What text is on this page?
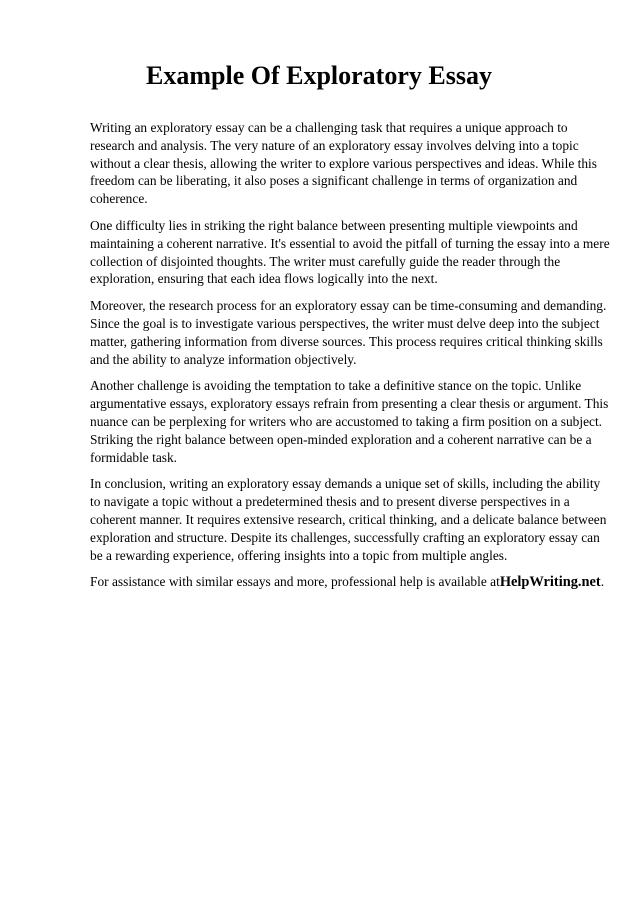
Example Of Exploratory Essay

Writing an exploratory essay can be a challenging task that requires a unique approach to
research and analysis. The very nature of an exploratory essay involves delving into a topic
without a clear thesis, allowing the writer to explore various perspectives and ideas. While this
freedom can be liberating, it also poses a significant challenge in terms of organization and
coherence.

One difficulty lies in striking the right balance between presenting multiple viewpoints and
maintaining a coherent narrative. It's essential to avoid the pitfall of turning the essay into a mere
collection of disjointed thoughts. The writer must carefully guide the reader through the
exploration, ensuring that each idea flows logically into the next.

Moreover, the research process for an exploratory essay can be time-consuming and demanding.
Since the goal is to investigate various perspectives, the writer must delve deep into the subject
matter, gathering information from diverse sources. This process requires critical thinking skills
and the ability to analyze information objectively.

Another challenge is avoiding the temptation to take a definitive stance on the topic. Unlike
argumentative essays, exploratory essays refrain from presenting a clear thesis or argument. This
nuance can be perplexing for writers who are accustomed to taking a firm position on a subject.
Striking the right balance between open-minded exploration and a coherent narrative can be a
formidable task.

In conclusion, writing an exploratory essay demands a unique set of skills, including the ability
to navigate a topic without a predetermined thesis and to present diverse perspectives in a
coherent manner. It requires extensive research, critical thinking, and a delicate balance between
exploration and structure. Despite its challenges, successfully crafting an exploratory essay can
be a rewarding experience, offering insights into a topic from multiple angles.

For assistance with similar essays and more, professional help is available atHelpWriting.net.
